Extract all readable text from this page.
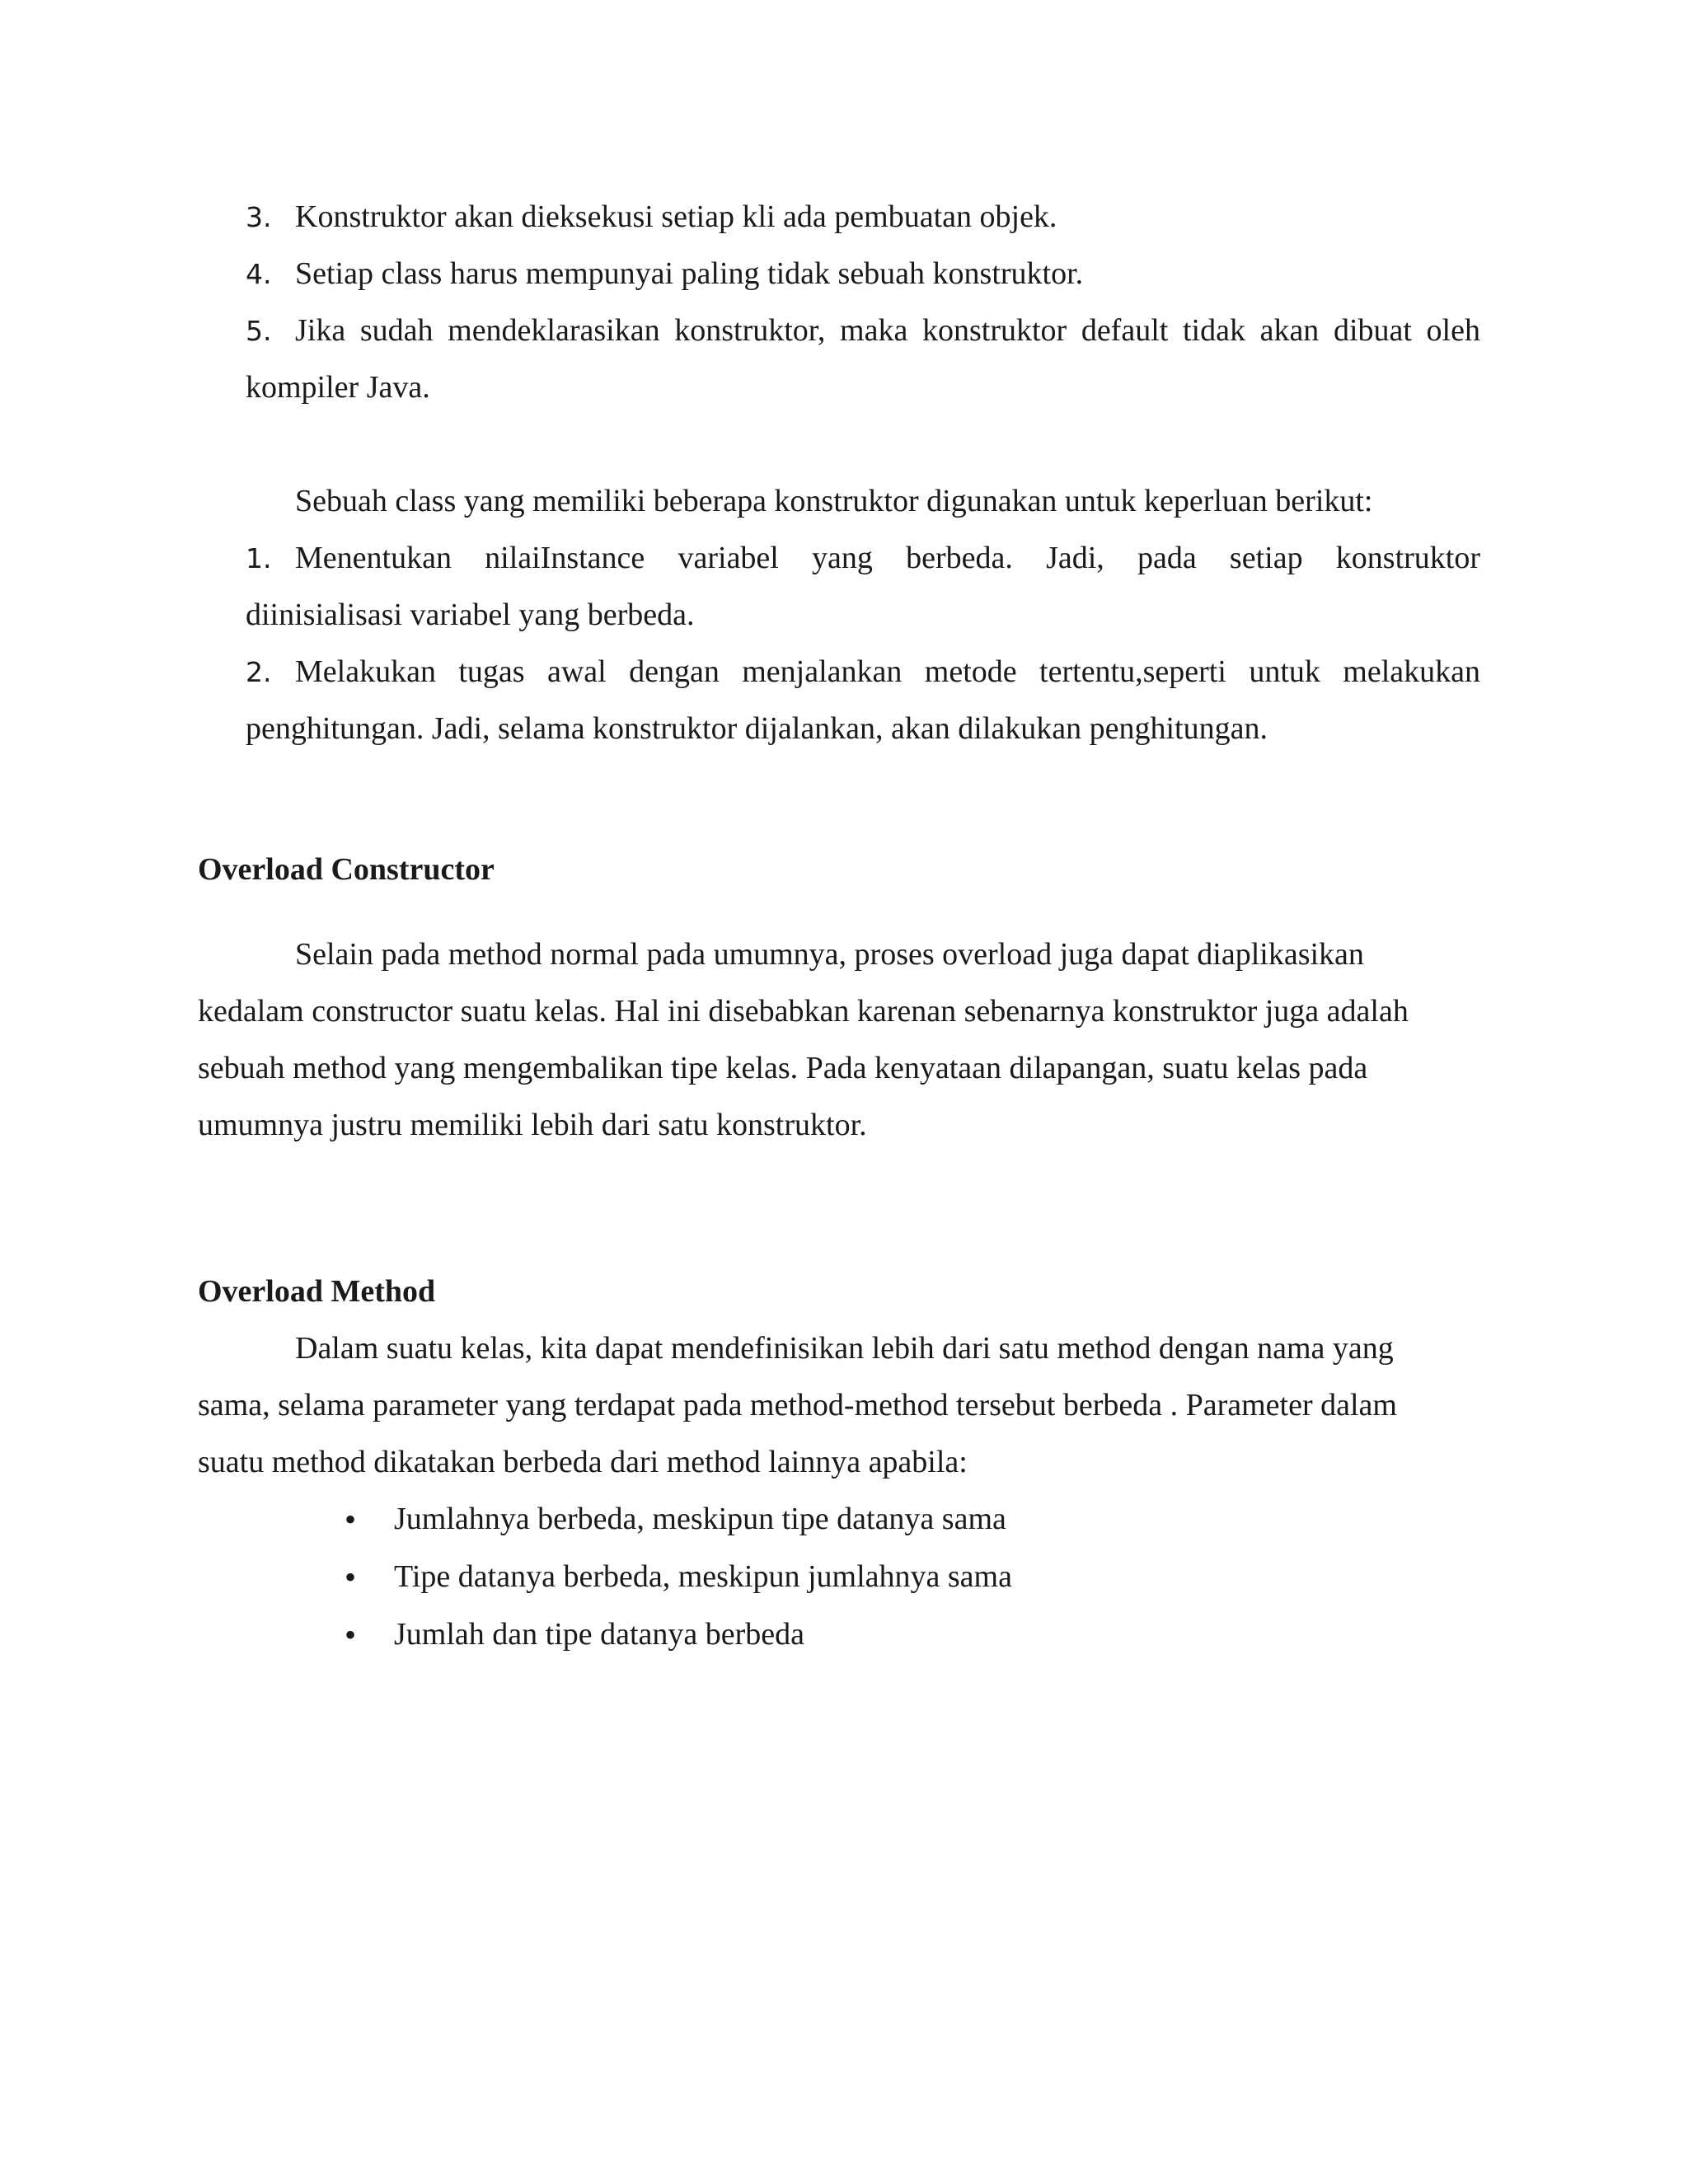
3. Konstruktor akan dieksekusi setiap kli ada pembuatan objek.
4. Setiap class harus mempunyai paling tidak sebuah konstruktor.
5. Jika sudah mendeklarasikan konstruktor, maka konstruktor default tidak akan dibuat oleh
kompiler Java.
Sebuah class yang memiliki beberapa konstruktor digunakan untuk keperluan berikut:
1. Menentukan nilaiInstance variabel yang berbeda. Jadi, pada setiap konstruktor
diinisialisasi variabel yang berbeda.
2. Melakukan tugas awal dengan menjalankan metode tertentu,seperti untuk melakukan
penghitungan. Jadi, selama konstruktor dijalankan, akan dilakukan penghitungan.
Overload Constructor
Selain pada method normal pada umumnya, proses overload juga dapat diaplikasikan
kedalam constructor suatu kelas. Hal ini disebabkan karenan sebenarnya konstruktor juga adalah
sebuah method yang mengembalikan tipe kelas. Pada kenyataan dilapangan, suatu kelas pada
umumnya justru memiliki lebih dari satu konstruktor.
Overload Method
Dalam suatu kelas, kita dapat mendefinisikan lebih dari satu method dengan nama yang
sama, selama parameter yang terdapat pada method-method tersebut berbeda . Parameter dalam
suatu method dikatakan berbeda dari method lainnya apabila:
• Jumlahnya berbeda, meskipun tipe datanya sama
• Tipe datanya berbeda, meskipun jumlahnya sama
• Jumlah dan tipe datanya berbeda
